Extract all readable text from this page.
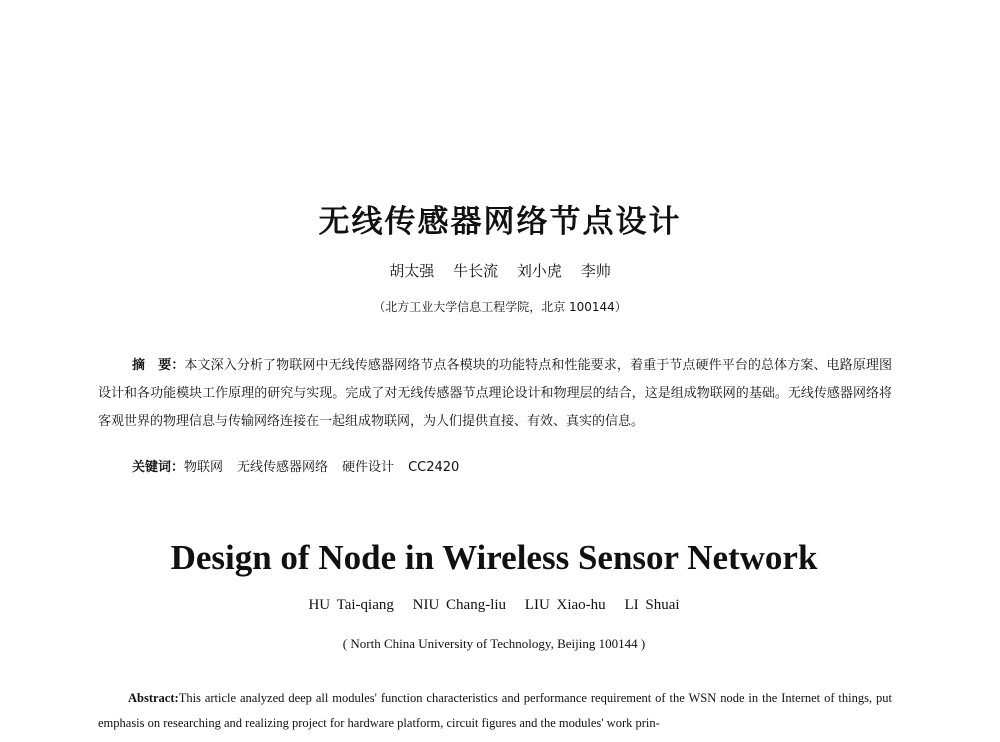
无线传感器网络节点设计
胡太强 牛长流 刘小虎 李帅
（北方工业大学信息工程学院，北京 100144）
摘　要：本文深入分析了物联网中无线传感器网络节点各模块的功能特点和性能要求，着重于节点硬件平台的总体方案、电路原理图设计和各功能模块工作原理的研究与实现。完成了对无线传感器节点理论设计和物理层的结合，这是组成物联网的基础。无线传感器网络将客观世界的物理信息与传输网络连接在一起组成物联网，为人们提供直接、有效、真实的信息。
关键词：物联网 无线传感器网络 硬件设计 CC2420
Design of Node in Wireless Sensor Network
HU Tai-qiang NIU Chang-liu LIU Xiao-hu LI Shuai
( North China University of Technology, Beijing 100144 )
Abstract:This article analyzed deep all modules' function characteristics and performance requirement of the WSN node in the Internet of things, put emphasis on researching and realizing project for hardware platform, circuit figures and the modules' work prin-
